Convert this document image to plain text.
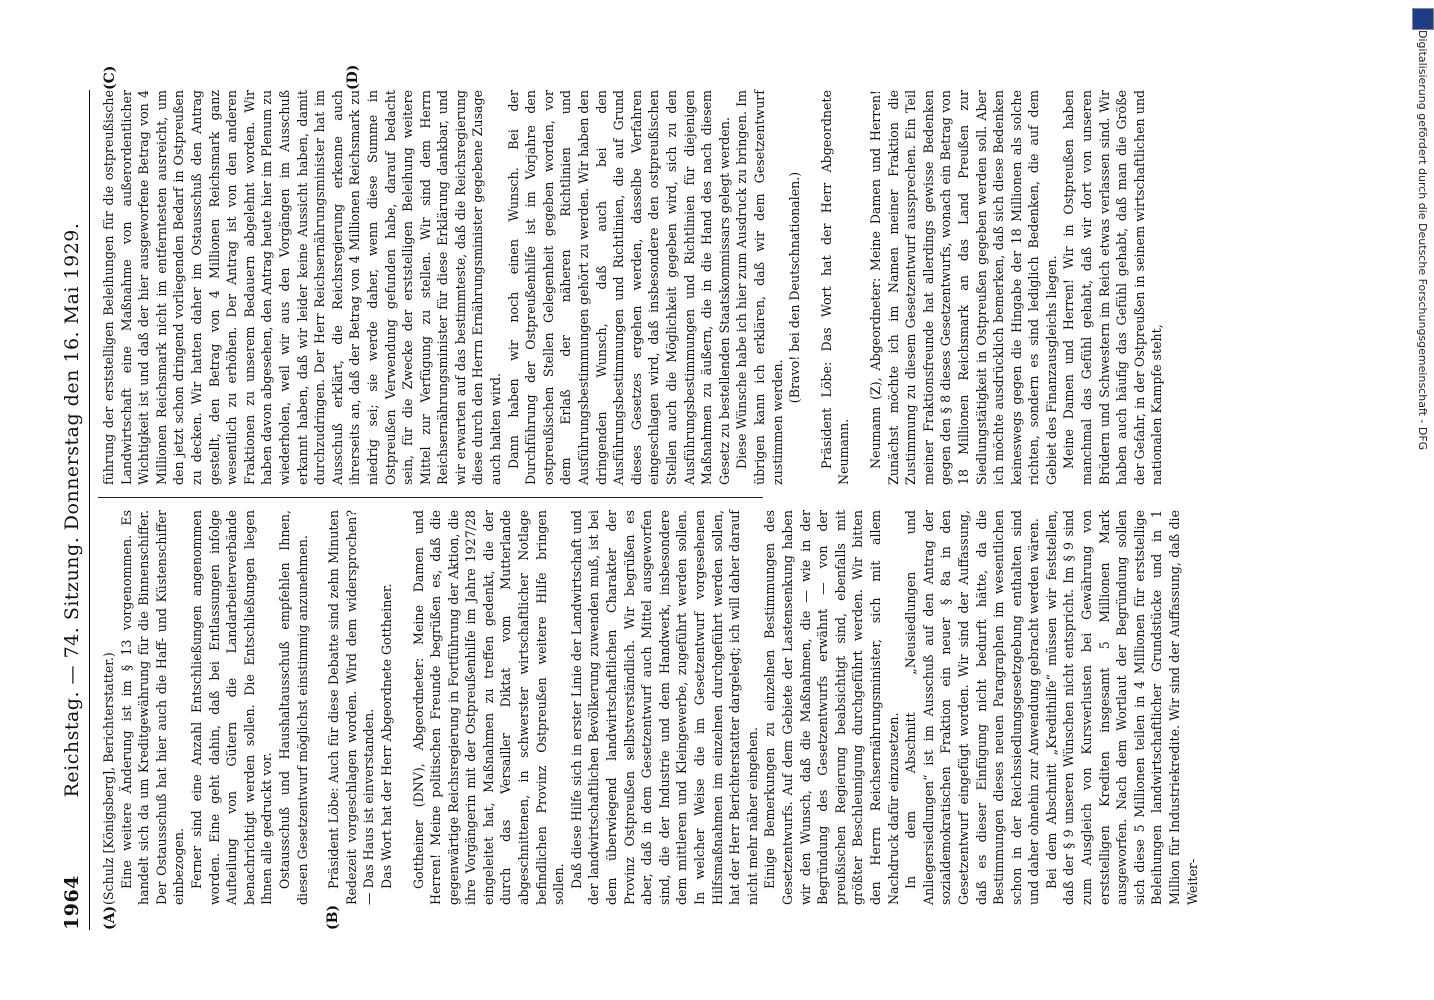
1964
Reichstag. — 74. Sitzung. Donnerstag den 16. Mai 1929.
(A)	(B)
(C)	(D)

(Schulz [Königsberg], Berichterstatter.) Eine weitere Änderung ist im § 13 vorgenommen. Es handelt sich da um Kreditgewährung für die Binnenschiffer. Der Ostausschuß hat hier auch die Haff- und Küstenschiffer einbezogen. Ferner sind eine Anzahl Entschließungen angenommen worden. Eine geht dahin, daß bei Entlassungen infolge Aufteilung von Gütern die Landarbeiterverbände benachrichtigt werden sollen. Die Entschließungen liegen Ihnen alle gedruckt vor. Ostausschuß und Haushaltausschuß empfehlen Ihnen, diesen Gesetzentwurf möglichst einstimmig anzunehmen. Präsident Löbe: Auch für diese Debatte sind zehn Minuten Redezeit vorgeschlagen worden. Wird dem widersprochen? — Das Haus ist einverstanden. Das Wort hat der Herr Abgeordnete Gottheiner. Gottheiner (DNV), Abgeordneter: Meine Damen und Herren! Meine politischen Freunde begrüßen es, daß die gegenwärtige Reichsregierung in Fortführung der Aktion, die ihre Vorgängerin mit der Ostpreußenhilfe im Jahre 1927/28 eingeleitet hat, Maßnahmen zu treffen gedenkt, die der durch das Versailler Diktat vom Mutterlande abgeschnittenen, in schwerster wirtschaftlicher Notlage befindlichen Provinz Ostpreußen weitere Hilfe bringen sollen. Daß diese Hilfe sich in erster Linie der Landwirtschaft und der landwirtschaftlichen Bevölkerung zuwenden muß, ist bei dem überwiegend landwirtschaftlichen Charakter der Provinz Ostpreußen selbstverständlich. Wir begrüßen es aber, daß in dem Gesetzentwurf auch Mittel ausgeworfen sind, die der Industrie und dem Handwerk, insbesondere dem mittleren und Kleingewerbe, zugeführt werden sollen. In welcher Weise die im Gesetzentwurf vorgesehenen Hilfsmaßnahmen im einzelnen durchgeführt werden sollen, hat der Herr Berichterstatter dargelegt; ich will daher darauf nicht mehr näher eingehen. Einige Bemerkungen zu einzelnen Bestimmungen des Gesetzentwurfs. Auf dem Gebiete der Lastensenkung haben wir den Wunsch, daß die Maßnahmen, die — wie in der Begründung des Gesetzentwurfs erwähnt — von der preußischen Regierung beabsichtigt sind, ebenfalls mit größter Beschleunigung durchgeführt werden. Wir bitten den Herrn Reichsernährungsminister, sich mit allem Nachdruck dafür einzusetzen. In dem Abschnitt „Neusiedlungen und Anliegersiedlungen“ ist im Ausschuß auf den Antrag der sozialdemokratischen Fraktion ein neuer § 8a in den Gesetzentwurf eingefügt worden. Wir sind der Auffassung, daß es dieser Einfügung nicht bedurft hätte, da die Bestimmungen dieses neuen Paragraphen im wesentlichen schon in der Reichssiedlungsgesetzgebung enthalten sind und daher ohnehin zur Anwendung gebracht werden wären. Bei dem Abschnitt „Kredithilfe“ müssen wir feststellen, daß der § 9 unseren Wünschen nicht entspricht. Im § 9 sind zum Ausgleich von Kursverlusten bei Gewährung von erststelligen Krediten insgesamt 5 Millionen Mark ausgeworfen. Nach dem Wortlaut der Begründung sollen sich diese 5 Millionen teilen in 4 Millionen für erststellige Beleihungen landwirtschaftlicher Grundstücke und in 1 Million für Industriekredite. Wir sind der Auffassung, daß die Weiter-

führung der erststelligen Beleihungen für die ostpreußische Landwirtschaft eine Maßnahme von außerordentlicher Wichtigkeit ist und daß der hier ausgeworfene Betrag von 4 Millionen Reichsmark nicht im entferntesten ausreicht, um den jetzt schon dringend vorliegenden Bedarf in Ostpreußen zu decken. Wir hatten daher im Ostausschuß den Antrag gestellt, den Betrag von 4 Millionen Reichsmark ganz wesentlich zu erhöhen. Der Antrag ist von den anderen Fraktionen zu unserem Bedauern abgelehnt worden. Wir haben davon abgesehen, den Antrag heute hier im Plenum zu wiederholen, weil wir aus den Vorgängen im Ausschuß erkannt haben, daß wir leider keine Aussicht haben, damit durchzudringen. Der Herr Reichsernährungsminister hat im Ausschuß erklärt, die Reichsregierung erkenne auch ihrerseits an, daß der Betrag von 4 Millionen Reichsmark zu niedrig sei; sie werde daher, wenn diese Summe in Ostpreußen Verwendung gefunden habe, darauf bedacht sein, für die Zwecke der erststelligen Beleihung weitere Mittel zur Verfügung zu stellen. Wir sind dem Herrn Reichsernährungsminister für diese Erklärung dankbar, und wir erwarten auf das bestimmteste, daß die Reichsregierung diese durch den Herrn Ernährungsminister gegebene Zusage auch halten wird. Dann haben wir noch einen Wunsch. Bei der Durchführung der Ostpreußenhilfe ist im Vorjahre den ostpreußischen Stellen Gelegenheit gegeben worden, vor dem Erlaß der näheren Richtlinien und Ausführungsbestimmungen gehört zu werden. Wir haben den dringenden Wunsch, daß auch bei den Ausführungsbestimmungen und Richtlinien, die auf Grund dieses Gesetzes ergehen werden, dasselbe Verfahren eingeschlagen wird, daß insbesondere den ostpreußischen Stellen auch die Möglichkeit gegeben wird, sich zu den Ausführungsbestimmungen und Richtlinien für diejenigen Maßnahmen zu äußern, die in die Hand des nach diesem Gesetz zu bestellenden Staatskommissars gelegt werden. Diese Wünsche habe ich hier zum Ausdruck zu bringen. Im übrigen kann ich erklären, daß wir dem Gesetzentwurf zustimmen werden.

(Bravo! bei den Deutschnationalen.) Präsident Löbe: Das Wort hat der Herr Abgeordnete Neumann. Neumann (Z), Abgeordneter: Meine Damen und Herren! Zunächst möchte ich im Namen meiner Fraktion die Zustimmung zu diesem Gesetzentwurf aussprechen. Ein Teil meiner Fraktionsfreunde hat allerdings gewisse Bedenken gegen den § 8 dieses Gesetzentwurfs, wonach ein Betrag von 18 Millionen Reichsmark an das Land Preußen zur Siedlungstätigkeit in Ostpreußen gegeben werden soll. Aber ich möchte ausdrücklich bemerken, daß sich diese Bedenken keineswegs gegen die Hingabe der 18 Millionen als solche richten, sondern es sind lediglich Bedenken, die auf dem Gebiet des Finanzausgleichs liegen. Meine Damen und Herren! Wir in Ostpreußen haben manchmal das Gefühl gehabt, daß wir dort von unseren Brüdern und Schwestern im Reich etwas verlassen sind. Wir haben auch häufig das Gefühl gehabt, daß man die Größe der Gefahr, in der Ostpreußen in seinem wirtschaftlichen und nationalen Kampfe steht,	Digitalisierung gefördert durch die Deutsche Forschungsgemeinschaft - DFG
